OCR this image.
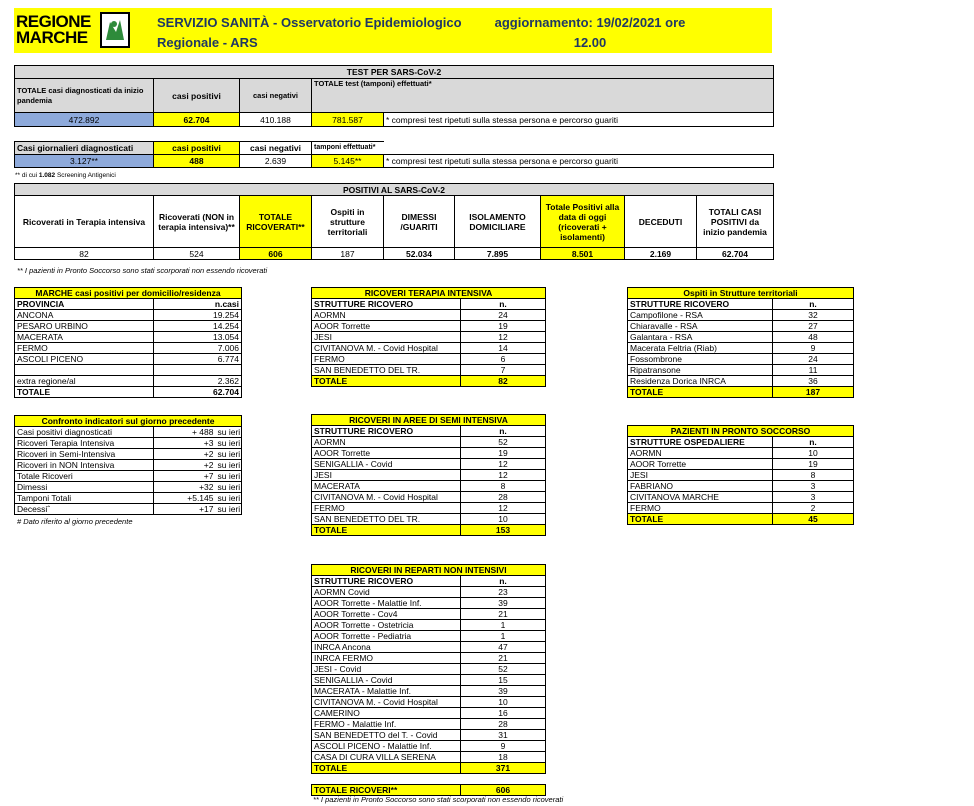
REGIONE
MARCHE
SERVIZIO SANITÀ - Osservatorio Epidemiologico
Regionale - ARS
aggiornamento: 19/02/2021 ore
12.00
TEST PER SARS-CoV-2				
TOTALE casi diagnosticati da inizio pandemia	casi positivi	casi negativi	TOTALE test (tamponi) effettuati*	
472.892	62.704	410.188	781.587	* compresi test ripetuti sulla stessa persona e percorso guariti
Casi giornalieri diagnosticati	casi positivi	casi negativi	tamponi effettuati*	
3.127**	488	2.639	5.145**	* compresi test ripetuti sulla stessa persona e percorso guariti
** di cui 1.082 Screening Antigenici
POSITIVI AL SARS-CoV-2								
Ricoverati in Terapia intensiva	Ricoverati (NON in terapia intensiva)**	TOTALE RICOVERATI**	Ospiti in strutture territoriali	DIMESSI /GUARITI	ISOLAMENTO DOMICILIARE	Totale Positivi alla data di oggi (ricoverati + isolamenti)	DECEDUTI	TOTALI CASI POSITIVI da inizio pandemia
82	524	606	187	52.034	7.895	8.501	2.169	62.704
** I pazienti in Pronto Soccorso sono stati scorporati non essendo ricoverati
MARCHE casi positivi per domicilio/residenza	
PROVINCIA	n.casi
ANCONA	19.254
PESARO URBINO	14.254
MACERATA	13.054
FERMO	7.006
ASCOLI PICENO	6.774

extra regione/al	2.362
TOTALE	62.704
Confronto indicatori sul giorno precedente		
Casi positivi diagnosticati	+ 488	su ieri
Ricoveri Terapia Intensiva	+3	su ieri
Ricoveri in Semi-Intensiva	+2	su ieri
Ricoveri in NON Intensiva	+2	su ieri
Totale Ricoveri	+7	su ieri
Dimessi	+32	su ieri
Tamponi Totali	+5.145	su ieri
Decessiˆ	+17	su ieri
# Dato riferito al giorno precedente
RICOVERI TERAPIA INTENSIVA	
STRUTTURE RICOVERO	n.
AORMN	24
AOOR Torrette	19
JESI	12
CIVITANOVA M. - Covid Hospital	14
FERMO	6
SAN BENEDETTO DEL TR.	7
TOTALE	82
RICOVERI IN AREE DI SEMI INTENSIVA	
STRUTTURE RICOVERO	n.
AORMN	52
AOOR Torrette	19
SENIGALLIA - Covid	12
JESI	12
MACERATA	8
CIVITANOVA M. - Covid Hospital	28
FERMO	12
SAN BENEDETTO DEL TR.	10
TOTALE	153
RICOVERI IN REPARTI NON INTENSIVI	
STRUTTURE RICOVERO	n.
AORMN Covid	23
AOOR Torrette - Malattie Inf.	39
AOOR Torrette - Cov4	21
AOOR Torrette - Ostetricia	1
AOOR Torrette - Pediatria	1
INRCA Ancona	47
INRCA FERMO	21
JESI - Covid	52
SENIGALLIA - Covid	15
MACERATA - Malattie Inf.	39
CIVITANOVA M. - Covid Hospital	10
CAMERINO	16
FERMO - Malattie Inf.	28
SAN BENEDETTO del T. - Covid	31
ASCOLI PICENO - Malattie Inf.	9
CASA DI CURA VILLA SERENA	18
TOTALE	371

TOTALE RICOVERI**	606
** I pazienti in Pronto Soccorso sono stati scorporati non essendo ricoverati
Ospiti in Strutture territoriali	
STRUTTURE RICOVERO	n.
Campofilone - RSA	32
Chiaravalle - RSA	27
Galantara - RSA	48
Macerata Feltria (Riab)	9
Fossombrone	24
Ripatransone	11
Residenza Dorica INRCA	36
TOTALE	187
PAZIENTI IN PRONTO SOCCORSO	
STRUTTURE OSPEDALIERE	n.
AORMN	10
AOOR Torrette	19
JESI	8
FABRIANO	3
CIVITANOVA MARCHE	3
FERMO	2
TOTALE	45
